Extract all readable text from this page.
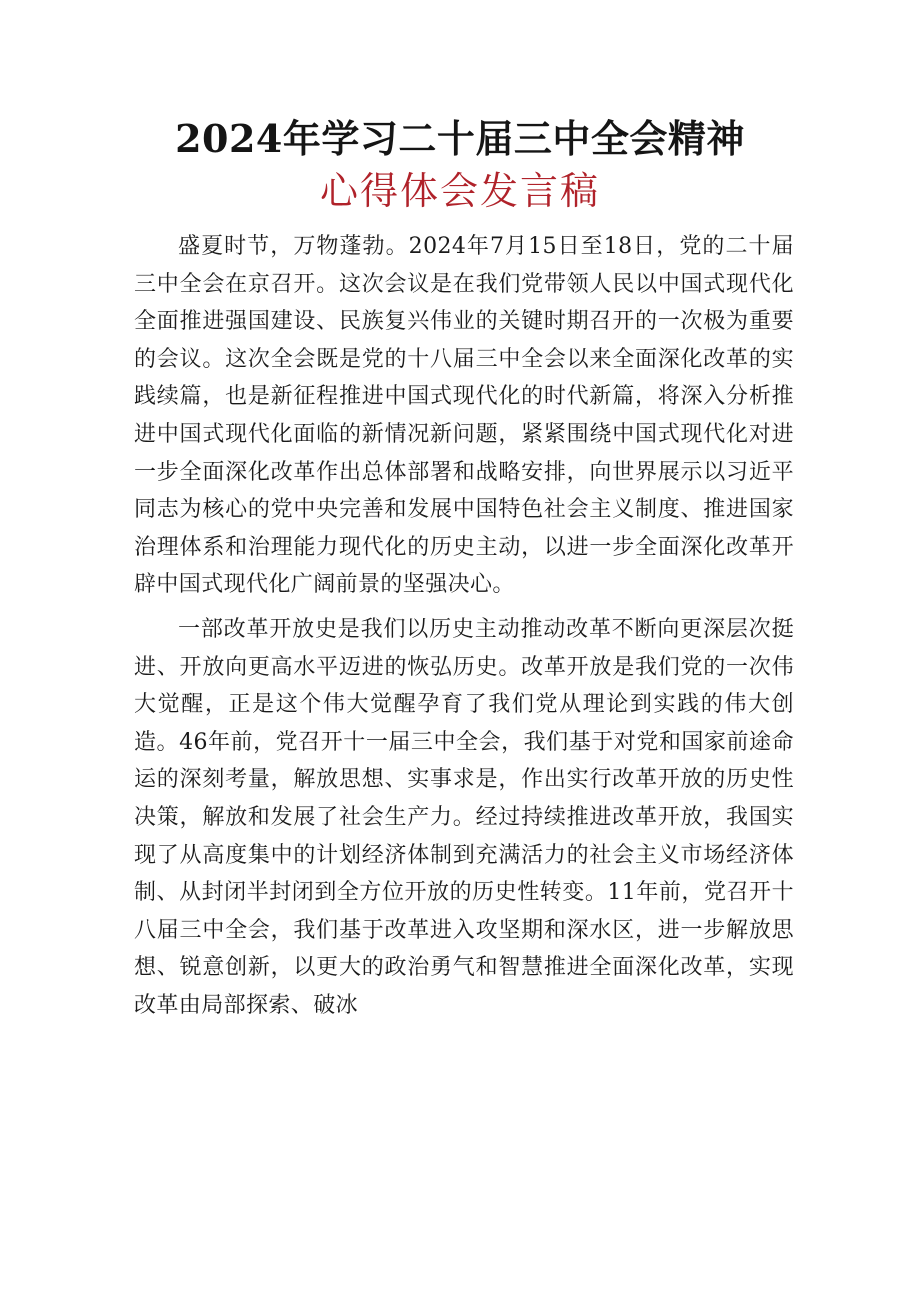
2024年学习二十届三中全会精神
心得体会发言稿

盛夏时节，万物蓬勃。2024年7月15日至18日，党的二十届三中全会在京召开。这次会议是在我们党带领人民以中国式现代化全面推进强国建设、民族复兴伟业的关键时期召开的一次极为重要的会议。这次全会既是党的十八届三中全会以来全面深化改革的实践续篇，也是新征程推进中国式现代化的时代新篇，将深入分析推进中国式现代化面临的新情况新问题，紧紧围绕中国式现代化对进一步全面深化改革作出总体部署和战略安排，向世界展示以习近平同志为核心的党中央完善和发展中国特色社会主义制度、推进国家治理体系和治理能力现代化的历史主动，以进一步全面深化改革开辟中国式现代化广阔前景的坚强决心。

一部改革开放史是我们以历史主动推动改革不断向更深层次挺进、开放向更高水平迈进的恢弘历史。改革开放是我们党的一次伟大觉醒，正是这个伟大觉醒孕育了我们党从理论到实践的伟大创造。46年前，党召开十一届三中全会，我们基于对党和国家前途命运的深刻考量，解放思想、实事求是，作出实行改革开放的历史性决策，解放和发展了社会生产力。经过持续推进改革开放，我国实现了从高度集中的计划经济体制到充满活力的社会主义市场经济体制、从封闭半封闭到全方位开放的历史性转变。11年前，党召开十八届三中全会，我们基于改革进入攻坚期和深水区，进一步解放思想、锐意创新，以更大的政治勇气和智慧推进全面深化改革，实现改革由局部探索、破冰
